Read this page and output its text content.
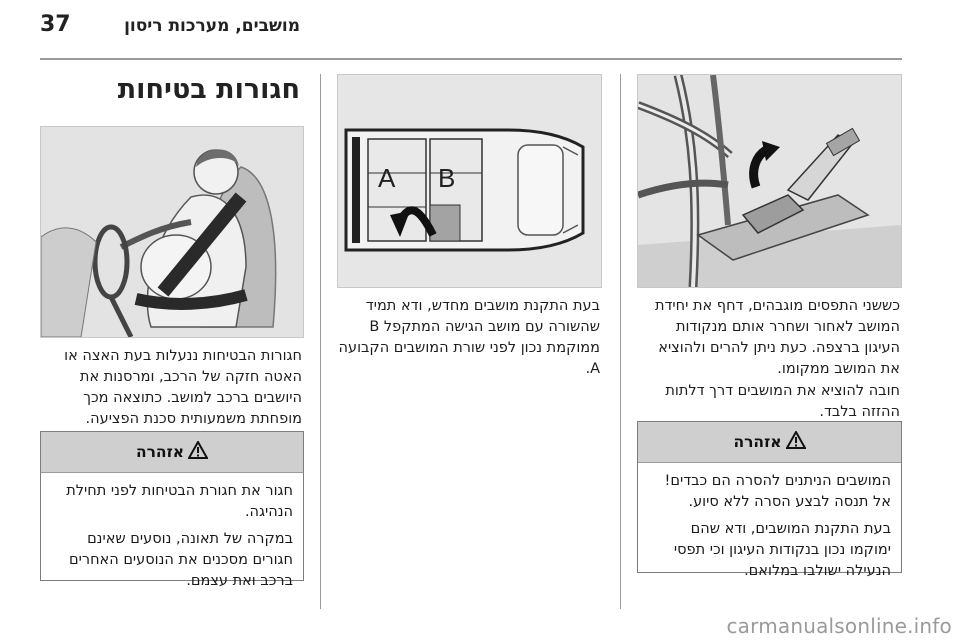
37	מושבים, מערכות ריסון
חגורות בטיחות

כששני התפסים מוגבהים, דחף את יחידת המושב לאחור ושחרר אותם מנקודות העיגון ברצפה. כעת ניתן להרים ולהוציא את המושב ממקומו.

חובה להוציא את המושבים דרך דלתות ההזזה בלבד.

אזהרה

המושבים הניתנים להסרה הם כבדים! אל תנסה לבצע הסרה ללא סיוע.

בעת התקנת המושבים, ודא שהם ימוקמו נכון בנקודות העיגון וכי תפסי הנעילה ישולבו במלואם.

A B

בעת התקנת מושבים מחדש, ודא תמיד שהשורה עם מושב הגישה המתקפל B ממוקמת נכון לפני שורת המושבים הקבועה A.

חגורות הבטיחות ננעלות בעת האצה או האטה חזקה של הרכב, ומרסנות את היושבים ברכב למושב. כתוצאה מכך מופחתת משמעותית סכנת הפציעה.

אזהרה

חגור את חגורת הבטיחות לפני תחילת הנהיגה.

במקרה של תאונה, נוסעים שאינם חגורים מסכנים את הנוסעים האחרים ברכב ואת עצמם.

carmanualsonline.info
